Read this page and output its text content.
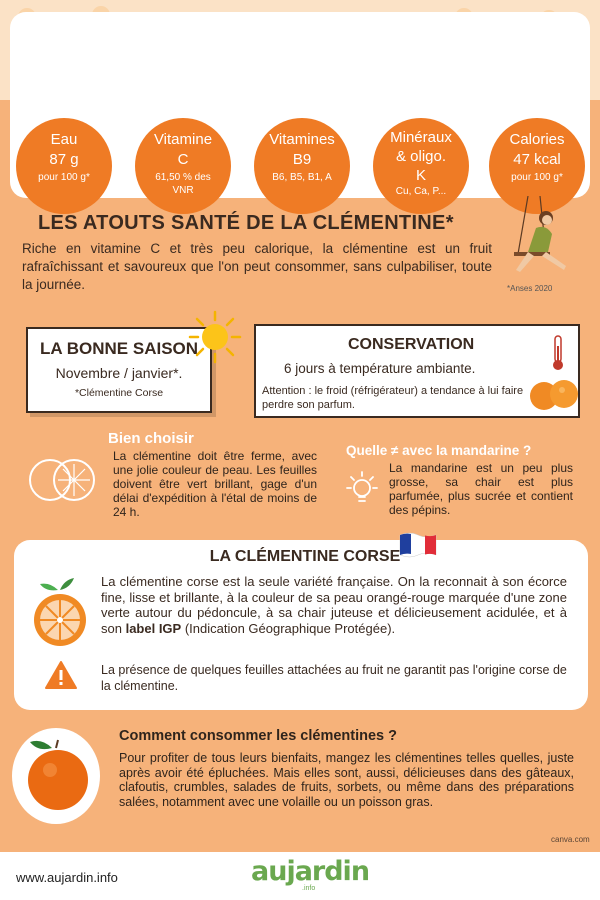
Eau
87 g
pour 100 g*
Vitamine
C
61,50 % des VNR
Vitamines
B9
B6, B5, B1, A
Minéraux
& oligo.
K
Cu, Ca, P...
Calories
47 kcal
pour 100 g*
LES ATOUTS SANTÉ DE LA CLÉMENTINE*
Riche en vitamine C et très peu calorique, la clémentine est un fruit rafraîchissant et savoureux que l'on peut consommer, sans culpabiliser, toute la journée.	*Anses 2020
LA BONNE SAISON
Novembre / janvier*.
*Clémentine Corse
CONSERVATION
6 jours à température ambiante.
Attention : le froid (réfrigérateur) a tendance à lui faire perdre son parfum.
Bien choisir
La clémentine doit être ferme, avec une jolie couleur de peau. Les feuilles doivent être vert brillant, gage d'un délai d'expédition à l'étal de moins de 24 h.
Quelle ≠ avec la mandarine ?
La mandarine est un peu plus grosse, sa chair est plus parfumée, plus sucrée et contient des pépins.
LA CLÉMENTINE CORSE
La clémentine corse est la seule variété française. On la reconnait à son écorce fine, lisse et brillante, à la couleur de sa peau orangé-rouge marquée d'une zone verte autour du pédoncule, à sa chair juteuse et délicieusement acidulée, et à son label IGP (Indication Géographique Protégée).
La présence de quelques feuilles attachées au fruit ne garantit pas l'origine corse de la clémentine.
Comment consommer les clémentines ?
Pour profiter de tous leurs bienfaits, mangez les clémentines telles quelles, juste après avoir été épluchées. Mais elles sont, aussi, délicieuses dans des gâteaux, clafoutis, crumbles, salades de fruits, sorbets, ou même dans des préparations salées, notamment avec une volaille ou un poisson gras.
canva.com
www.aujardin.info	aujardin
.info
